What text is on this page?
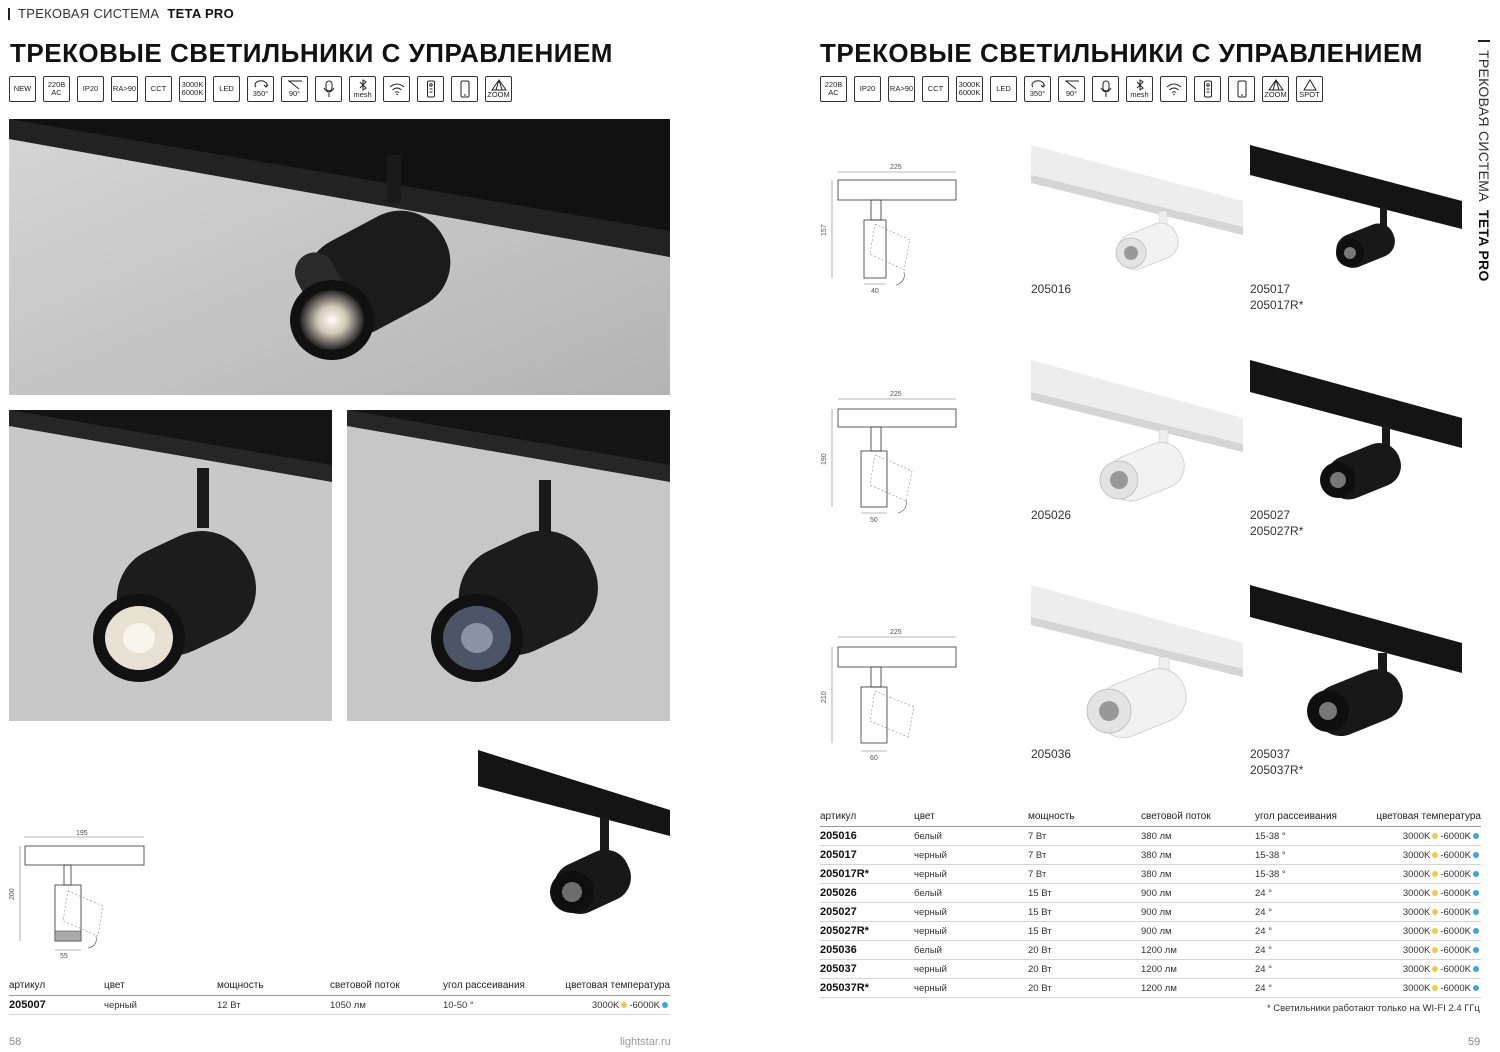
ТРЕКОВАЯ СИСТЕМА TETA PRO
ТРЕКОВЫЕ СВЕТИЛЬНИКИ С УПРАВЛЕНИЕМ
NEW 220В
AC	IP20 RA>90 CCT 3000K
6000K LED
350°	90°	mesh	ZOOM
195
200
55
артикул	цвет	мощность	световой поток	угол рассеивания	цветовая температура
205007	черный	12 Вт	1050 лм	10-50 °	3000K -6000K
58	lightstar.ru
ТРЕКОВАЯ СИСТЕМА
TETA PRO
ТРЕКОВЫЕ СВЕТИЛЬНИКИ С УПРАВЛЕНИЕМ
220В
AC	IP20 RA>90 CCT 3000K
6000K LED
350°	90°	mesh	ZOOM SPOT
225
157
40
225
190
50
225
210
60
205016	205017
205017R*
205026	205027
205027R*
205036	205037
205037R*
артикул	цвет	мощность	световой поток	угол рассеивания	цветовая температура
205016	белый	7 Вт	380 лм	15-38 °	3000K -6000K
205017	черный	7 Вт	380 лм	15-38 °	3000K -6000K
205017R*	черный	7 Вт	380 лм	15-38 °	3000K -6000K
205026	белый	15 Вт	900 лм	24 °	3000K -6000K
205027	черный	15 Вт	900 лм	24 °	3000K -6000K
205027R*	черный	15 Вт	900 лм	24 °	3000K -6000K
205036	белый	20 Вт	1200 лм	24 °	3000K -6000K
205037	черный	20 Вт	1200 лм	24 °	3000K -6000K
205037R*	черный	20 Вт	1200 лм	24 °	3000K -6000K
* Светильники работают только на WI-FI 2.4 ГГц
59
